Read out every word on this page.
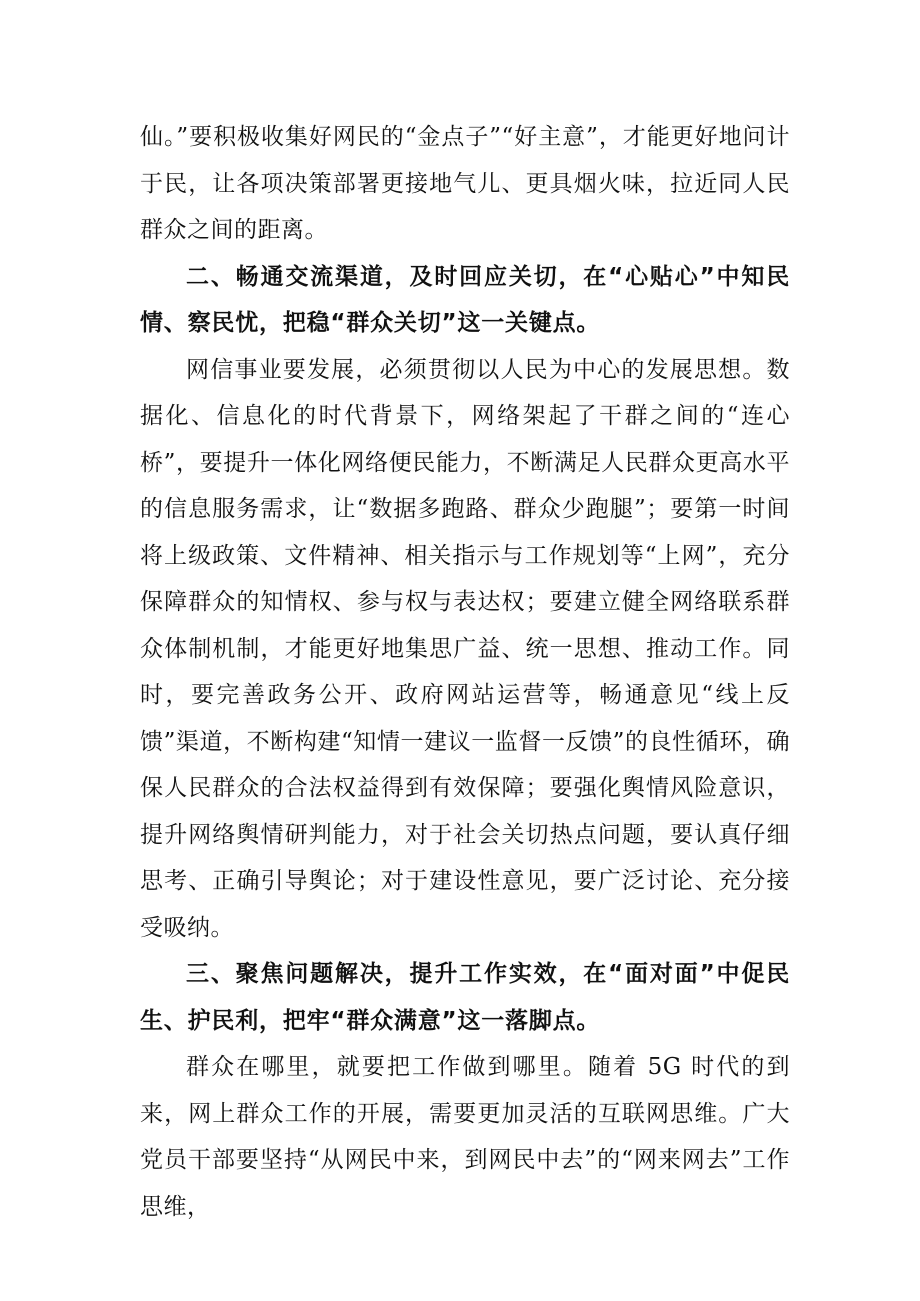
仙。”要积极收集好网民的“金点子”“好主意”，才能更好地问计于民，让各项决策部署更接地气儿、更具烟火味，拉近同人民群众之间的距离。

二、畅通交流渠道，及时回应关切，在“心贴心”中知民情、察民忧，把稳“群众关切”这一关键点。

网信事业要发展，必须贯彻以人民为中心的发展思想。数据化、信息化的时代背景下，网络架起了干群之间的“连心桥”，要提升一体化网络便民能力，不断满足人民群众更高水平的信息服务需求，让“数据多跑路、群众少跑腿”；要第一时间将上级政策、文件精神、相关指示与工作规划等“上网”，充分保障群众的知情权、参与权与表达权；要建立健全网络联系群众体制机制，才能更好地集思广益、统一思想、推动工作。同时，要完善政务公开、政府网站运营等，畅通意见“线上反馈”渠道，不断构建“知情一建议一监督一反馈”的良性循环，确保人民群众的合法权益得到有效保障；要强化舆情风险意识，提升网络舆情研判能力，对于社会关切热点问题，要认真仔细思考、正确引导舆论；对于建设性意见，要广泛讨论、充分接受吸纳。

三、聚焦问题解决，提升工作实效，在“面对面”中促民生、护民利，把牢“群众满意”这一落脚点。

群众在哪里，就要把工作做到哪里。随着 5G 时代的到来，网上群众工作的开展，需要更加灵活的互联网思维。广大党员干部要坚持“从网民中来，到网民中去”的“网来网去”工作思维，
